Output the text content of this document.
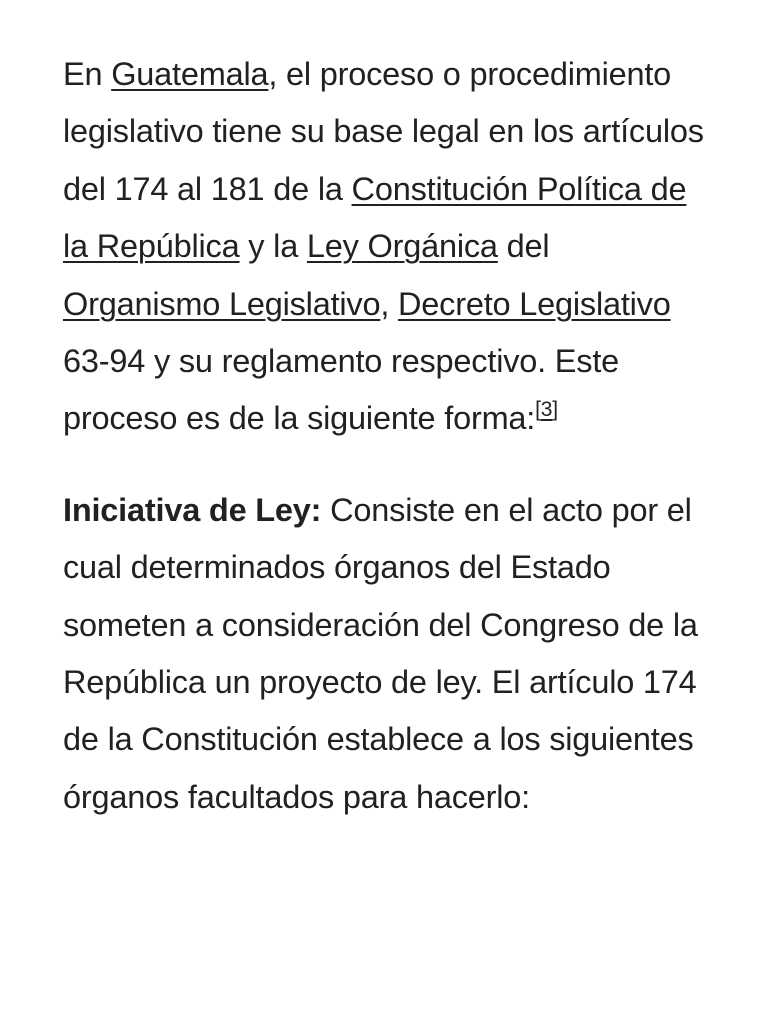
En Guatemala, el proceso o procedimiento legislativo tiene su base legal en los artículos del 174 al 181 de la Constitución Política de la República y la Ley Orgánica del Organismo Legislativo, Decreto Legislativo 63-94 y su reglamento respectivo. Este proceso es de la siguiente forma:[3]

Iniciativa de Ley: Consiste en el acto por el cual determinados órganos del Estado someten a consideración del Congreso de la República un proyecto de ley. El artículo 174 de la Constitución establece a los siguientes órganos facultados para hacerlo:
